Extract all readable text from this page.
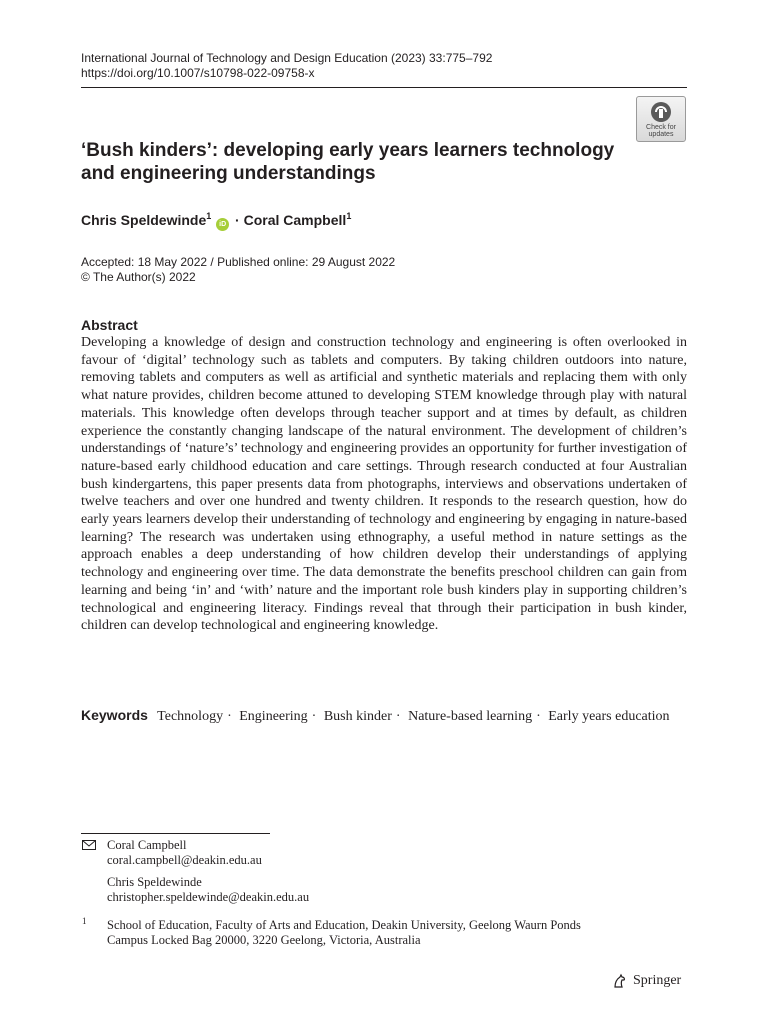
International Journal of Technology and Design Education (2023) 33:775–792
https://doi.org/10.1007/s10798-022-09758-x
Check for updates
‘Bush kinders’: developing early years learners technology and engineering understandings
Chris Speldewinde$^1$ iD · Coral Campbell$^1$
Accepted: 18 May 2022 / Published online: 29 August 2022
© The Author(s) 2022
Abstract

Developing a knowledge of design and construction technology and engineering is often overlooked in favour of ‘digital’ technology such as tablets and computers. By taking children outdoors into nature, removing tablets and computers as well as artificial and synthetic materials and replacing them with only what nature provides, children become attuned to developing STEM knowledge through play with natural materials. This knowledge often develops through teacher support and at times by default, as children experience the constantly changing landscape of the natural environment. The development of children’s understandings of ‘nature’s’ technology and engineering provides an opportunity for further investigation of nature-based early childhood education and care settings. Through research conducted at four Australian bush kindergartens, this paper presents data from photographs, interviews and observations undertaken of twelve teachers and over one hundred and twenty children. It responds to the research question, how do early years learners develop their understanding of technology and engineering by engaging in nature-based learning? The research was undertaken using ethnography, a useful method in nature settings as the approach enables a deep understanding of how children develop their understandings of applying technology and engineering over time. The data demonstrate the benefits preschool children can gain from learning and being ‘in’ and ‘with’ nature and the important role bush kinders play in supporting children’s technological and engineering literacy. Findings reveal that through their participation in bush kinder, children can develop technological and engineering knowledge.

Keywords Technology · Engineering · Bush kinder · Nature-based learning · Early years education
Coral Campbell
coral.campbell@deakin.edu.au
Chris Speldewinde
christopher.speldewinde@deakin.edu.au
1 School of Education, Faculty of Arts and Education, Deakin University, Geelong Waurn Ponds
Campus Locked Bag 20000, 3220 Geelong, Victoria, Australia
Springer
